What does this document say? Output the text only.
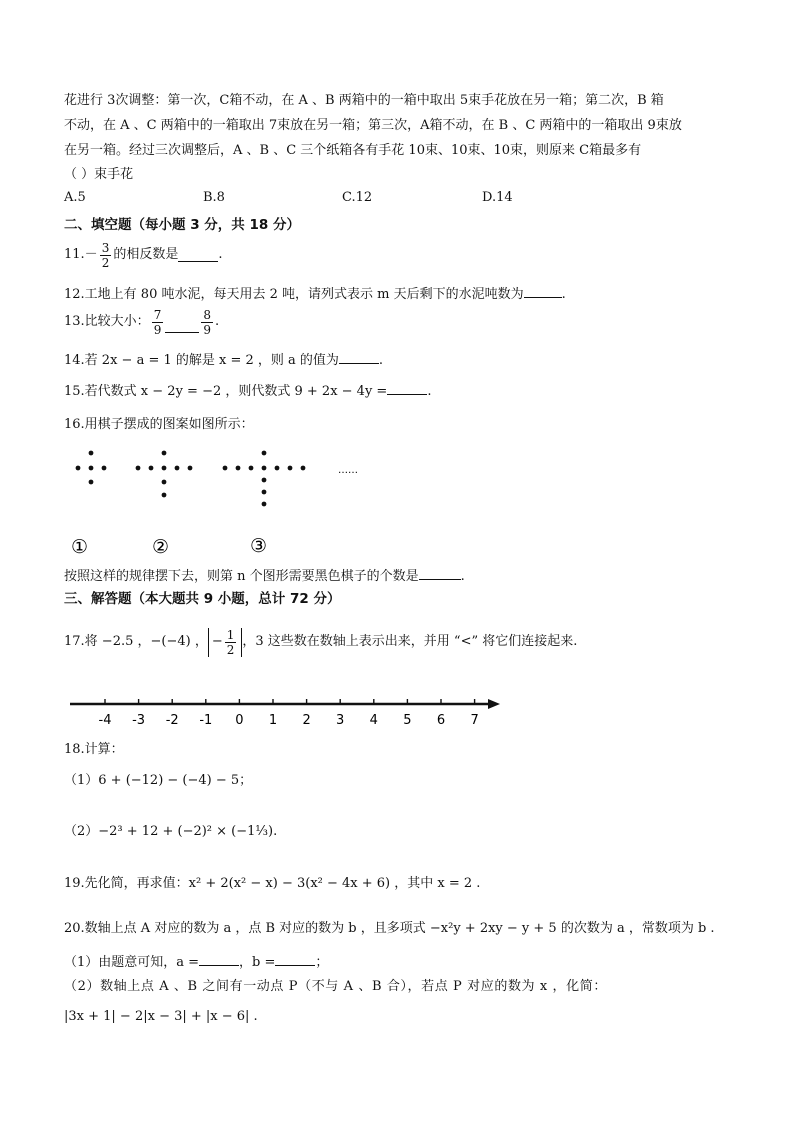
花进行 3次调整：第一次，C箱不动，在 A 、B 两箱中的一箱中取出 5束手花放在另一箱；第二次，B 箱
不动，在 A 、C 两箱中的一箱取出 7束放在另一箱；第三次，A箱不动，在 B 、C 两箱中的一箱取出 9束放
在另一箱。经过三次调整后，A 、B 、C 三个纸箱各有手花 10束、10束、10束，则原来 C箱最多有
（ ）束手花
A.5	B.8	C.12	D.14
二、填空题（每小题 3 分，共 18 分）
$11.- \frac{3}{2}$ 的相反数是	.
12.工地上有 80 吨水泥，每天用去 2 吨，请列式表示 m 天后剩下的水泥吨数为	.
13.比较大小： $\frac{7}{9}$	$\frac{8}{9}$ .
14.若 2x − a = 1 的解是 x = 2 ，则 a 的值为	.
15.若代数式 x − 2y = −2 ，则代数式 9 + 2x − 4y =	.
16.用棋子摆成的图案如图所示：
……
①	②	③
按照这样的规律摆下去，则第 n 个图形需要黑色棋子的个数是	.
三、解答题（本大题共 9 小题，总计 72 分）
17.将 −2.5 ，−(−4) ， − $\frac{1}{2}$ ，3 这些数在数轴上表示出来，并用 “<” 将它们连接起来.
-4 -3 -2 -1 0 1 2 3 4 5 6 7
18.计算：
（1）6 + (−12) − (−4) − 5；
（2）−2³ + 12 + (−2)² × (−1⅓).
19.先化简，再求值：x² + 2(x² − x) − 3(x² − 4x + 6) ，其中 x = 2 .
20.数轴上点 A 对应的数为 a ，点 B 对应的数为 b ，且多项式 −x²y + 2xy − y + 5 的次数为 a ，常数项为 b .
（1）由题意可知，a =	，b =	；
（2）数轴上点 A 、B 之间有一动点 P（不与 A 、B 合），若点 P 对应的数为 x ，化简：
|3x + 1| − 2|x − 3| + |x − 6| .
